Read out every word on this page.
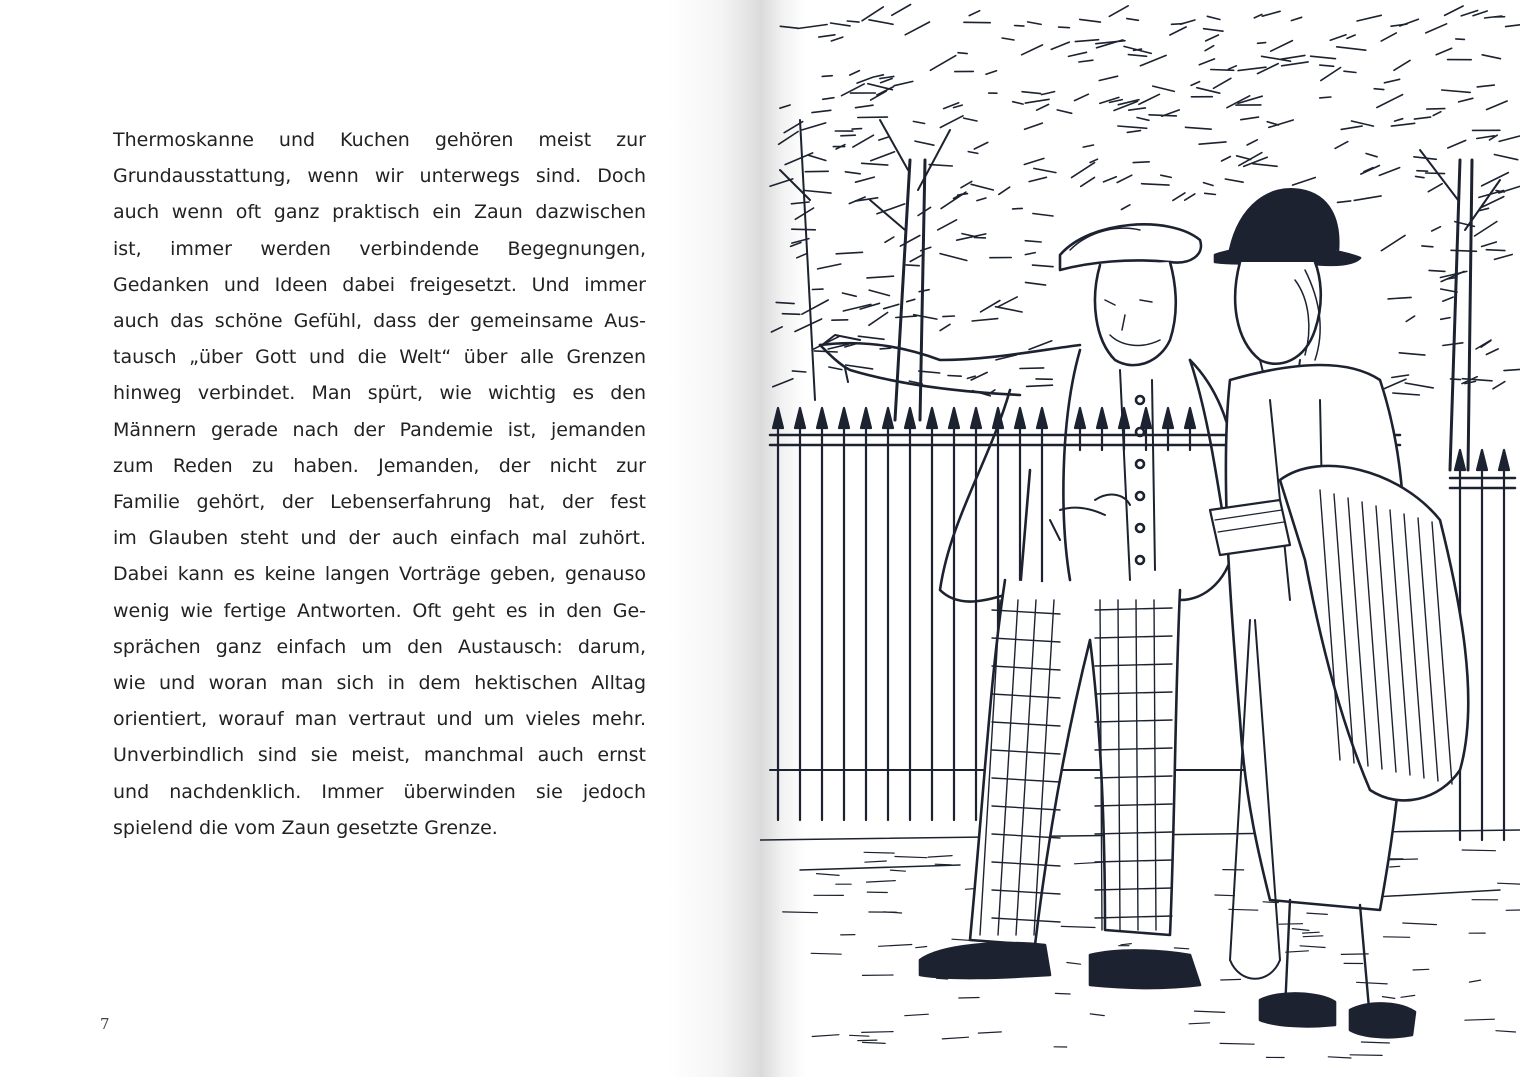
Thermoskanne und Kuchen gehören meist zur
Grundausstattung, wenn wir unterwegs sind. Doch
auch wenn oft ganz praktisch ein Zaun dazwischen
ist, immer werden verbindende Begegnungen,
Gedanken und Ideen dabei freigesetzt. Und immer
auch das schöne Gefühl, dass der gemeinsame Aus-
tausch „über Gott und die Welt“ über alle Grenzen
hinweg verbindet. Man spürt, wie wichtig es den
Männern gerade nach der Pandemie ist, jemanden
zum Reden zu haben. Jemanden, der nicht zur
Familie gehört, der Lebenserfahrung hat, der fest
im Glauben steht und der auch einfach mal zuhört.
Dabei kann es keine langen Vorträge geben, genauso
wenig wie fertige Antworten. Oft geht es in den Ge-
sprächen ganz einfach um den Austausch: darum,
wie und woran man sich in dem hektischen Alltag
orientiert, worauf man vertraut und um vieles mehr.
Unverbindlich sind sie meist, manchmal auch ernst
und nachdenklich. Immer überwinden sie jedoch
spielend die vom Zaun gesetzte Grenze.

7
